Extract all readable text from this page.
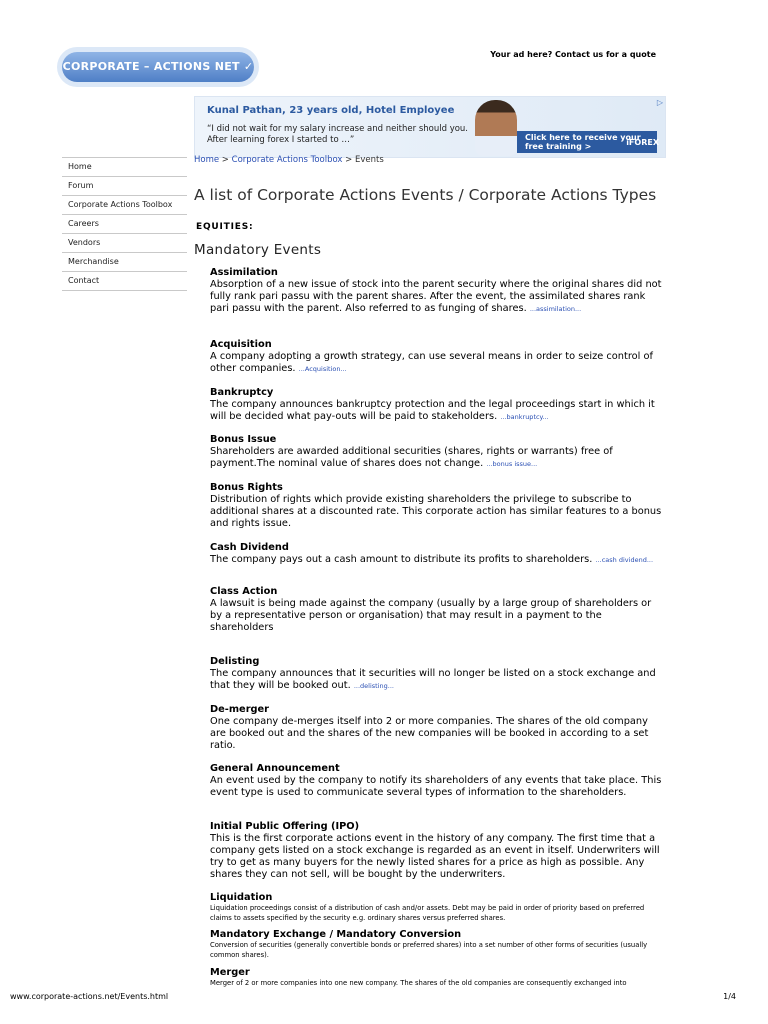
CORPORATE – ACTIONS NET ✓
Your ad here? Contact us for a quote
Kunal Pathan, 23 years old, Hotel Employee
“I did not wait for my salary increase and neither should you. After learning forex I started to …”	Click here to receive your free training >	iFOREX
▷
Home
Forum
Corporate Actions Toolbox
Careers
Vendors
Merchandise
Contact
Home > Corporate Actions Toolbox > Events
A list of Corporate Actions Events / Corporate Actions Types
EQUITIES:
Mandatory Events

Assimilation

Absorption of a new issue of stock into the parent security where the original shares did not fully rank pari passu with the parent shares. After the event, the assimilated shares rank pari passu with the parent. Also referred to as funging of shares. ...assimilation...

Acquisition

A company adopting a growth strategy, can use several means in order to seize control of other companies. ...Acquisition...

Bankruptcy

The company announces bankruptcy protection and the legal proceedings start in which it will be decided what pay-outs will be paid to stakeholders. ...bankruptcy...

Bonus Issue

Shareholders are awarded additional securities (shares, rights or warrants) free of payment.The nominal value of shares does not change. ...bonus issue...

Bonus Rights

Distribution of rights which provide existing shareholders the privilege to subscribe to additional shares at a discounted rate. This corporate action has similar features to a bonus and rights issue.

Cash Dividend

The company pays out a cash amount to distribute its profits to shareholders. ...cash dividend...

Class Action

A lawsuit is being made against the company (usually by a large group of shareholders or by a representative person or organisation) that may result in a payment to the shareholders

Delisting

The company announces that it securities will no longer be listed on a stock exchange and that they will be booked out. ...delisting...

De-merger

One company de-merges itself into 2 or more companies. The shares of the old company are booked out and the shares of the new companies will be booked in according to a set ratio.

General Announcement

An event used by the company to notify its shareholders of any events that take place. This event type is used to communicate several types of information to the shareholders.

Initial Public Offering (IPO)

This is the first corporate actions event in the history of any company. The first time that a company gets listed on a stock exchange is regarded as an event in itself. Underwriters will try to get as many buyers for the newly listed shares for a price as high as possible. Any shares they can not sell, will be bought by the underwriters.

Liquidation

Liquidation proceedings consist of a distribution of cash and/or assets. Debt may be paid in order of priority based on preferred claims to assets specified by the security e.g. ordinary shares versus preferred shares.

Mandatory Exchange / Mandatory Conversion

Conversion of securities (generally convertible bonds or preferred shares) into a set number of other forms of securities (usually common shares).

Merger

Merger of 2 or more companies into one new company. The shares of the old companies are consequently exchanged into

www.corporate-actions.net/Events.html	1/4
